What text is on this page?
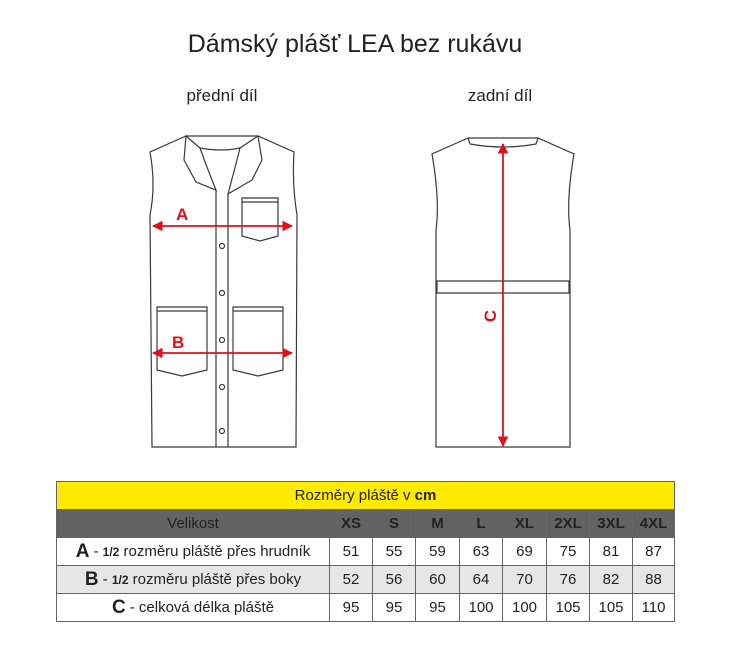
Dámský plášť LEA bez rukávu
přední díl	zadní díl
A
B
C
Rozměry pláště v cm								
Velikost	XS	S	M	L	XL	2XL	3XL	4XL
A - 1/2 rozměru pláště přes hrudník	51	55	59	63	69	75	81	87
B - 1/2 rozměru pláště přes boky	52	56	60	64	70	76	82	88
C - celková délka pláště	95	95	95	100	100	105	105	110
